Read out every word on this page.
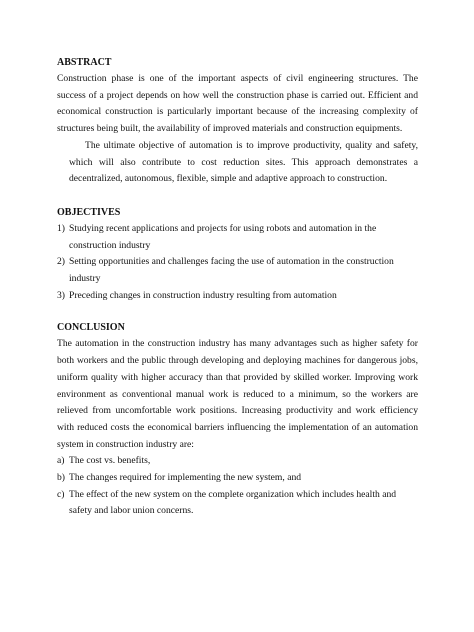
ABSTRACT

Construction phase is one of the important aspects of civil engineering structures. The success of a project depends on how well the construction phase is carried out. Efficient and economical construction is particularly important because of the increasing complexity of structures being built, the availability of improved materials and construction equipments.

The ultimate objective of automation is to improve productivity, quality and safety, which will also contribute to cost reduction sites. This approach demonstrates a decentralized, autonomous, flexible, simple and adaptive approach to construction.

OBJECTIVES

1) Studying recent applications and projects for using robots and automation in the construction industry
2) Setting opportunities and challenges facing the use of automation in the construction industry
3) Preceding changes in construction industry resulting from automation

CONCLUSION

The automation in the construction industry has many advantages such as higher safety for both workers and the public through developing and deploying machines for dangerous jobs, uniform quality with higher accuracy than that provided by skilled worker. Improving work environment as conventional manual work is reduced to a minimum, so the workers are relieved from uncomfortable work positions. Increasing productivity and work efficiency with reduced costs the economical barriers influencing the implementation of an automation system in construction industry are:

a) The cost vs. benefits,
b) The changes required for implementing the new system, and
c) The effect of the new system on the complete organization which includes health and safety and labor union concerns.
